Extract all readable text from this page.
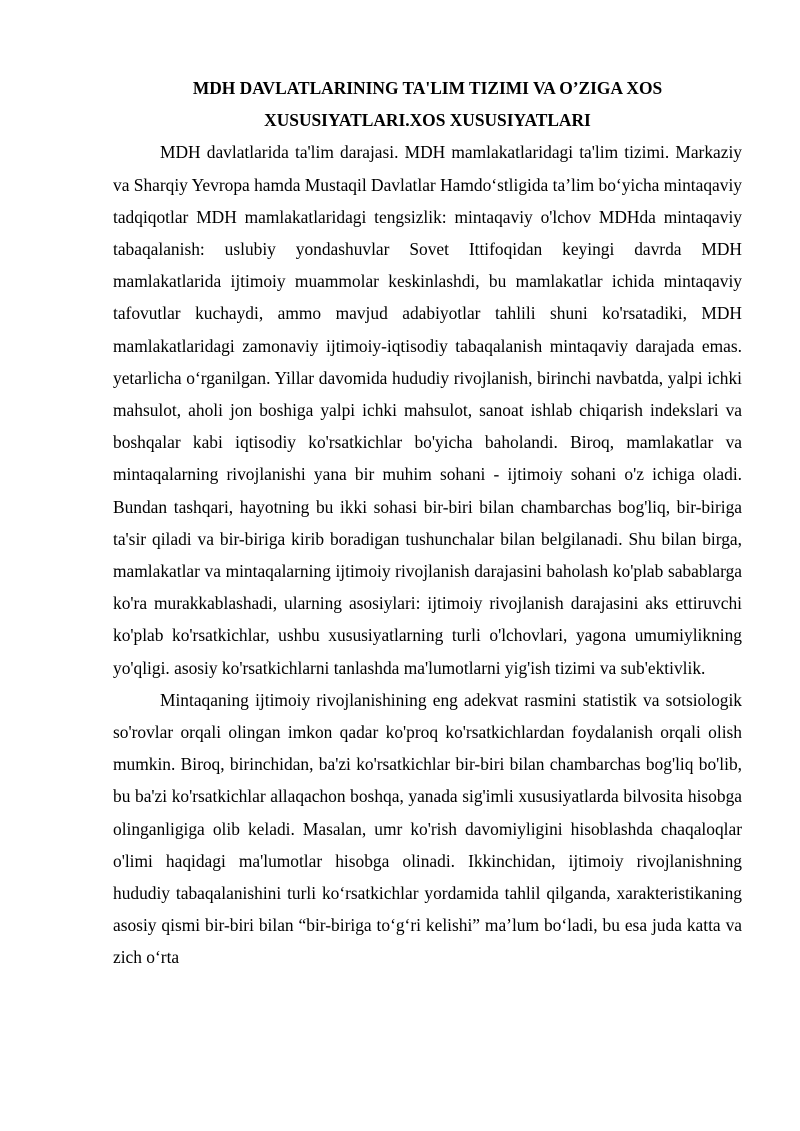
MDH DAVLATLARINING TA'LIM TIZIMI VA O’ZIGA XOS
XUSUSIYATLARI.XOS XUSUSIYATLARI

MDH davlatlarida ta'lim darajasi. MDH mamlakatlaridagi ta'lim tizimi. Markaziy va Sharqiy Yevropa hamda Mustaqil Davlatlar Hamdo‘stligida ta’lim bo‘yicha mintaqaviy tadqiqotlar MDH mamlakatlaridagi tengsizlik: mintaqaviy o'lchov MDHda mintaqaviy tabaqalanish: uslubiy yondashuvlar Sovet Ittifoqidan keyingi davrda MDH mamlakatlarida ijtimoiy muammolar keskinlashdi, bu mamlakatlar ichida mintaqaviy tafovutlar kuchaydi, ammo mavjud adabiyotlar tahlili shuni ko'rsatadiki, MDH mamlakatlaridagi zamonaviy ijtimoiy-iqtisodiy tabaqalanish mintaqaviy darajada emas. yetarlicha o‘rganilgan. Yillar davomida hududiy rivojlanish, birinchi navbatda, yalpi ichki mahsulot, aholi jon boshiga yalpi ichki mahsulot, sanoat ishlab chiqarish indekslari va boshqalar kabi iqtisodiy ko'rsatkichlar bo'yicha baholandi. Biroq, mamlakatlar va mintaqalarning rivojlanishi yana bir muhim sohani - ijtimoiy sohani o'z ichiga oladi. Bundan tashqari, hayotning bu ikki sohasi bir-biri bilan chambarchas bog'liq, bir-biriga ta'sir qiladi va bir-biriga kirib boradigan tushunchalar bilan belgilanadi. Shu bilan birga, mamlakatlar va mintaqalarning ijtimoiy rivojlanish darajasini baholash ko'plab sabablarga ko'ra murakkablashadi, ularning asosiylari: ijtimoiy rivojlanish darajasini aks ettiruvchi ko'plab ko'rsatkichlar, ushbu xususiyatlarning turli o'lchovlari, yagona umumiylikning yo'qligi. asosiy ko'rsatkichlarni tanlashda ma'lumotlarni yig'ish tizimi va sub'ektivlik.

Mintaqaning ijtimoiy rivojlanishining eng adekvat rasmini statistik va sotsiologik so'rovlar orqali olingan imkon qadar ko'proq ko'rsatkichlardan foydalanish orqali olish mumkin. Biroq, birinchidan, ba'zi ko'rsatkichlar bir-biri bilan chambarchas bog'liq bo'lib, bu ba'zi ko'rsatkichlar allaqachon boshqa, yanada sig'imli xususiyatlarda bilvosita hisobga olinganligiga olib keladi. Masalan, umr ko'rish davomiyligini hisoblashda chaqaloqlar o'limi haqidagi ma'lumotlar hisobga olinadi. Ikkinchidan, ijtimoiy rivojlanishning hududiy tabaqalanishini turli ko‘rsatkichlar yordamida tahlil qilganda, xarakteristikaning asosiy qismi bir-biri bilan “bir-biriga to‘g‘ri kelishi” ma’lum bo‘ladi, bu esa juda katta va zich o‘rta
